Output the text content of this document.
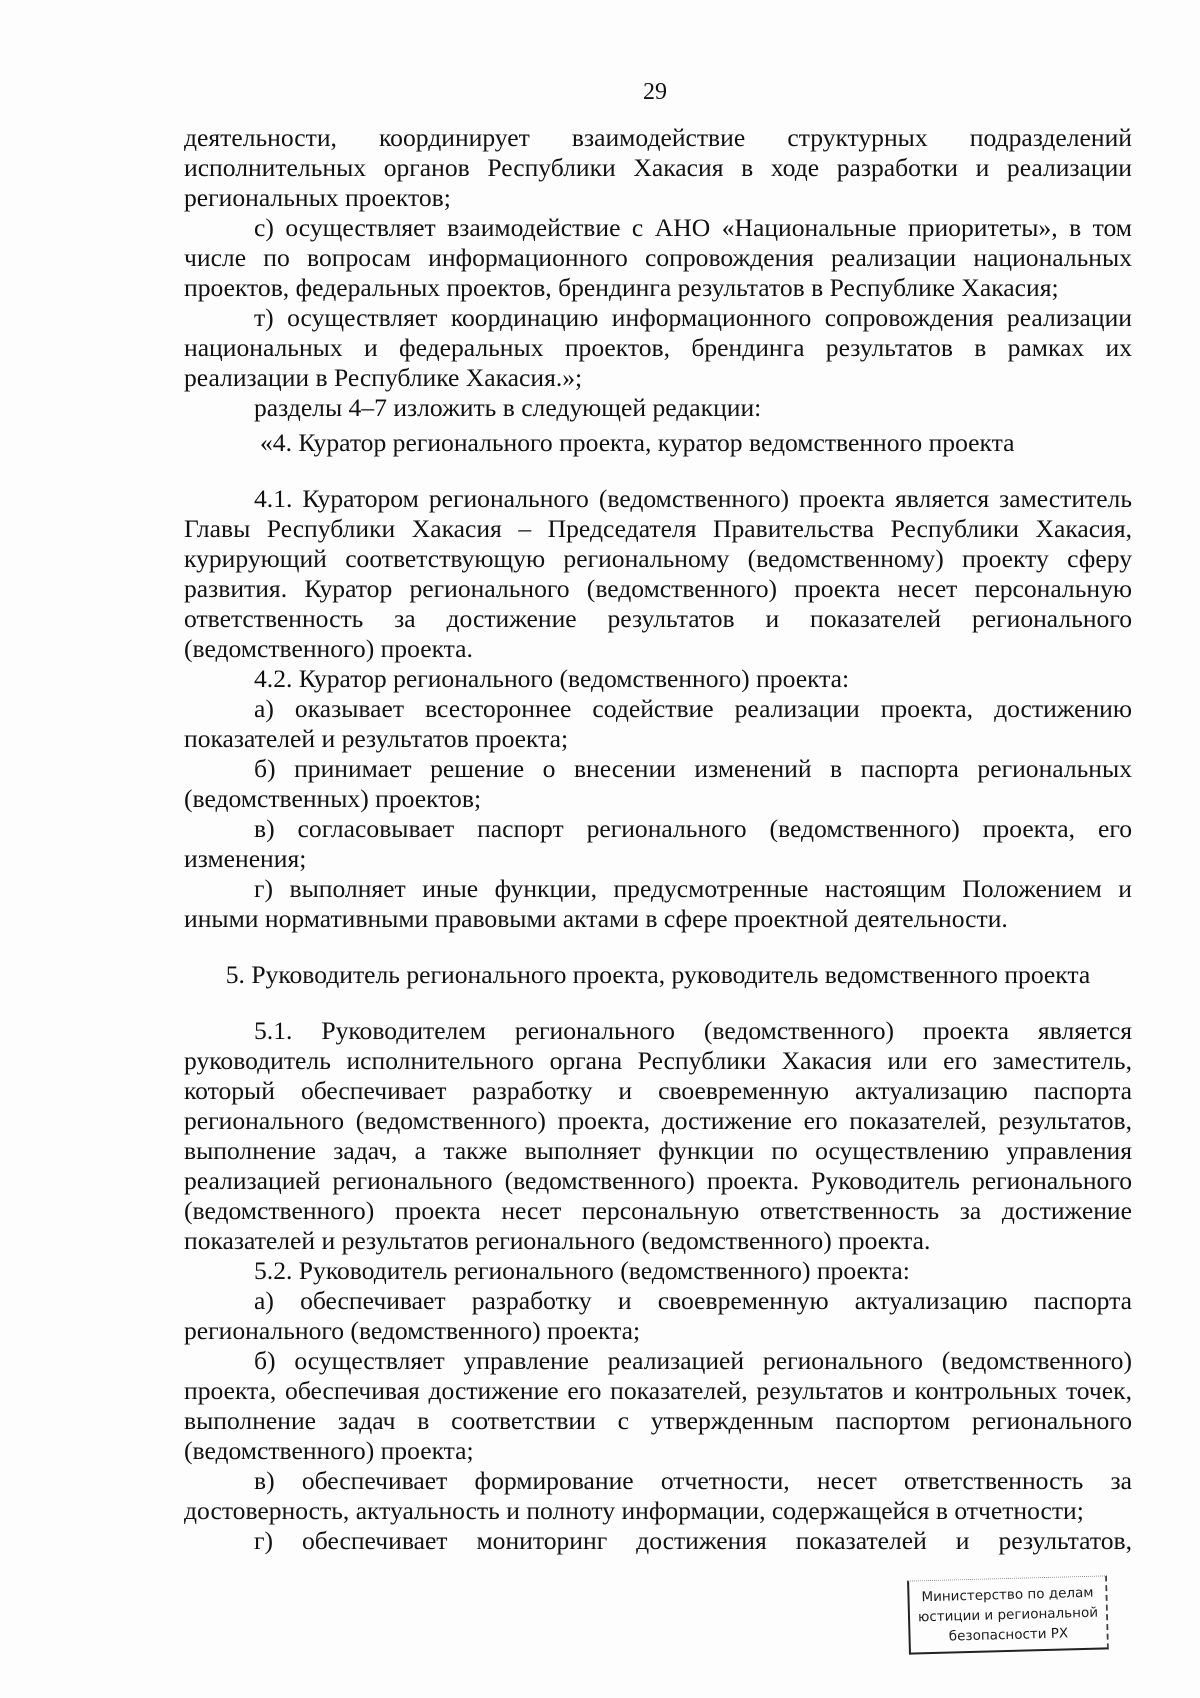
29

деятельности, координирует взаимодействие структурных подразделений исполнительных органов Республики Хакасия в ходе разработки и реализации региональных проектов;

с) осуществляет взаимодействие с АНО «Национальные приоритеты», в том числе по вопросам информационного сопровождения реализации национальных проектов, федеральных проектов, брендинга результатов в Республике Хакасия;

т) осуществляет координацию информационного сопровождения реализации национальных и федеральных проектов, брендинга результатов в рамках их реализации в Республике Хакасия.»;

разделы 4–7 изложить в следующей редакции:

«4. Куратор регионального проекта, куратор ведомственного проекта

4.1. Куратором регионального (ведомственного) проекта является заместитель Главы Республики Хакасия – Председателя Правительства Республики Хакасия, курирующий соответствующую региональному (ведомственному) проекту сферу развития. Куратор регионального (ведомственного) проекта несет персональную ответственность за достижение результатов и показателей регионального (ведомственного) проекта.

4.2. Куратор регионального (ведомственного) проекта:

а) оказывает всестороннее содействие реализации проекта, достижению показателей и результатов проекта;

б) принимает решение о внесении изменений в паспорта региональных (ведомственных) проектов;

в) согласовывает паспорт регионального (ведомственного) проекта, его изменения;

г) выполняет иные функции, предусмотренные настоящим Положением и иными нормативными правовыми актами в сфере проектной деятельности.

5. Руководитель регионального проекта, руководитель ведомственного проекта

5.1. Руководителем регионального (ведомственного) проекта является руководитель исполнительного органа Республики Хакасия или его заместитель, который обеспечивает разработку и своевременную актуализацию паспорта регионального (ведомственного) проекта, достижение его показателей, результатов, выполнение задач, а также выполняет функции по осуществлению управления реализацией регионального (ведомственного) проекта. Руководитель регионального (ведомственного) проекта несет персональную ответственность за достижение показателей и результатов регионального (ведомственного) проекта.

5.2. Руководитель регионального (ведомственного) проекта:

а) обеспечивает разработку и своевременную актуализацию паспорта регионального (ведомственного) проекта;

б) осуществляет управление реализацией регионального (ведомственного) проекта, обеспечивая достижение его показателей, результатов и контрольных точек, выполнение задач в соответствии с утвержденным паспортом регионального (ведомственного) проекта;

в) обеспечивает формирование отчетности, несет ответственность за достоверность, актуальность и полноту информации, содержащейся в отчетности;

г) обеспечивает мониторинг достижения показателей и результатов,

Министерство по делам
юстиции и региональной
безопасности РХ
